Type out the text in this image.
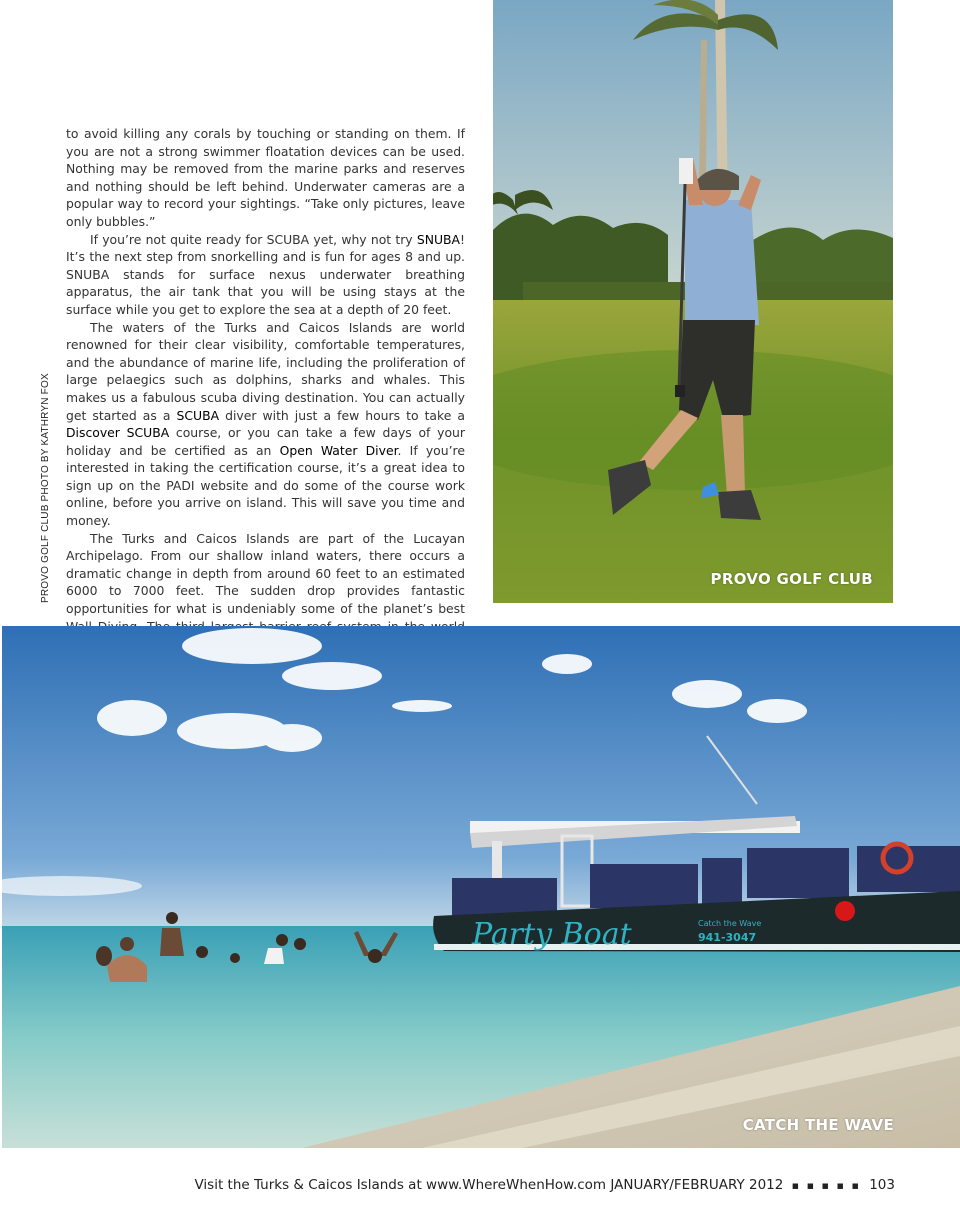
PROVO GOLF CLUB PHOTO BY KATHRYN FOX

to avoid killing any corals by touching or standing on them. If you are not a strong swimmer floatation devices can be used. Nothing may be removed from the marine parks and reserves and nothing should be left behind. Underwater cameras are a popular way to record your sightings. “Take only pictures, leave only bubbles.”

If you’re not quite ready for SCUBA yet, why not try SNUBA! It’s the next step from snorkelling and is fun for ages 8 and up. SNUBA stands for surface nexus underwater breathing apparatus, the air tank that you will be using stays at the surface while you get to explore the sea at a depth of 20 feet.

The waters of the Turks and Caicos Islands are world renowned for their clear visibility, comfortable temperatures, and the abundance of marine life, including the proliferation of large pelaegics such as dolphins, sharks and whales. This makes us a fabulous scuba diving destination. You can actually get started as a SCUBA diver with just a few hours to take a Discover SCUBA course, or you can take a few days of your holiday and be certified as an Open Water Diver. If you’re interested in taking the certification course, it’s a great idea to sign up on the PADI website and do some of the course work online, before you arrive on island. This will save you time and money.

The Turks and Caicos Islands are part of the Lucayan Archipelago. From our shallow inland waters, there occurs a dramatic change in depth from around 60 feet to an estimated 6000 to 7000 feet. The sudden drop provides fantastic opportunities for what is undeniably some of the planet’s best

PROVO GOLF CLUB
Party Boat	Catch the Wave
941-3047
CATCH THE WAVE
Visit the Turks & Caicos Islands at www.WhereWhenHow.com JANUARY/FEBRUARY 2012 ▪ ▪ ▪ ▪ ▪ 103
